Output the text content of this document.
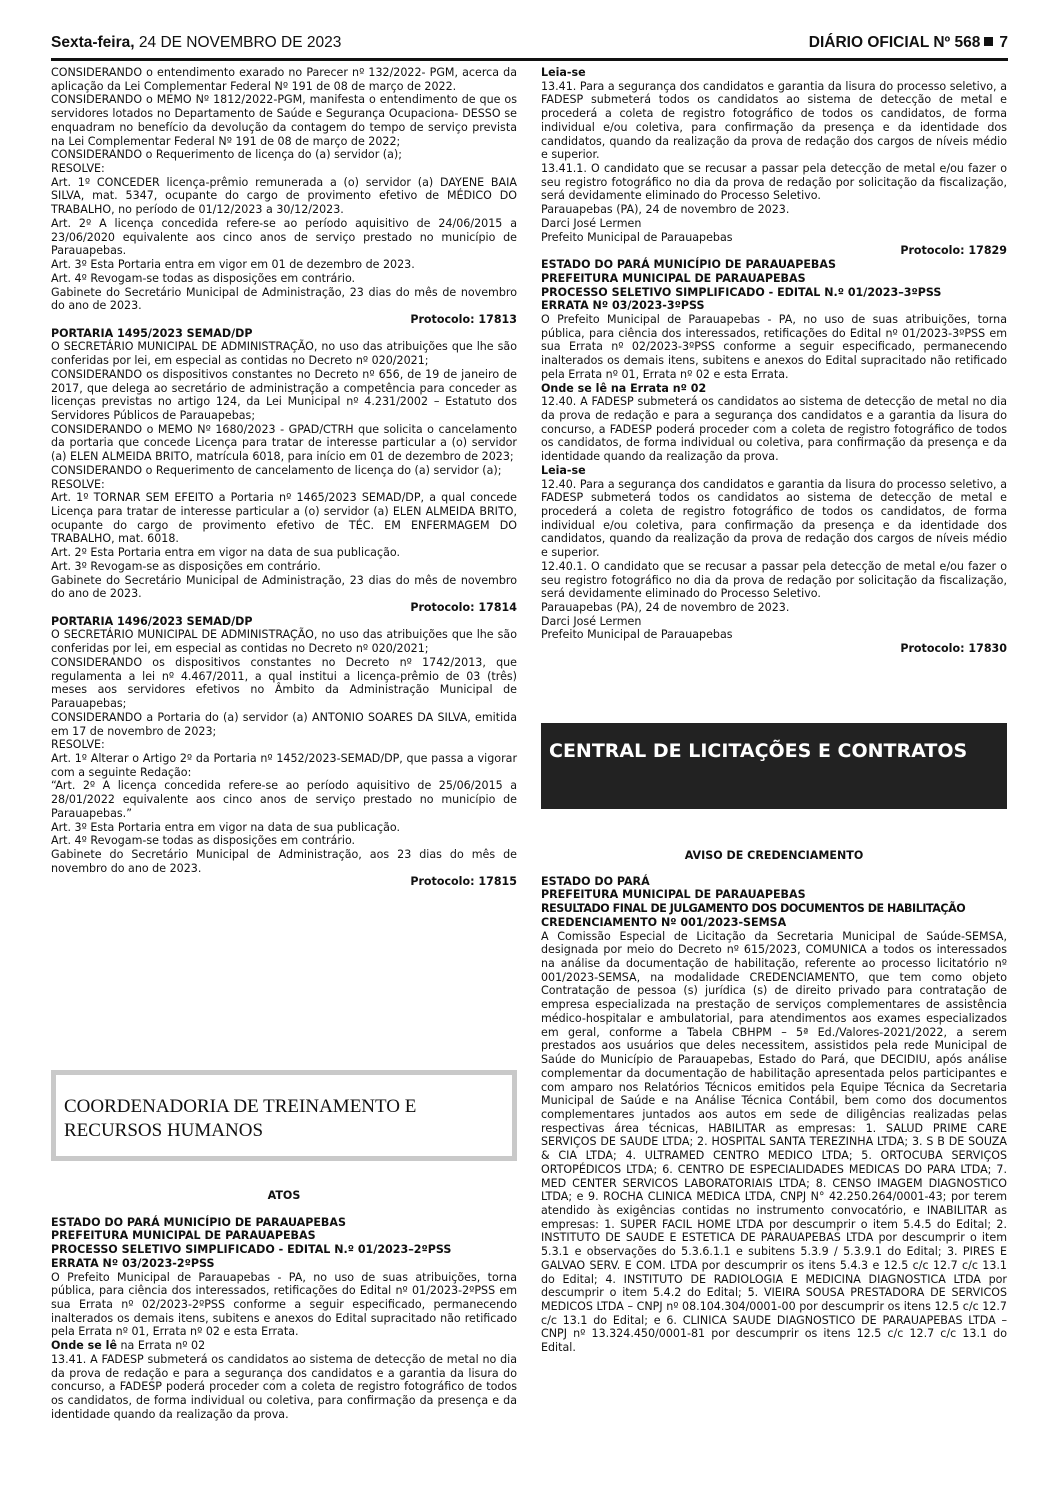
Sexta-feira, 24 DE NOVEMBRO DE 2023	DIÁRIO OFICIAL Nº 568 7

CONSIDERANDO o entendimento exarado no Parecer nº 132/2022- PGM, acerca da aplicação da Lei Complementar Federal Nº 191 de 08 de março de 2022.

CONSIDERANDO o MEMO Nº 1812/2022-PGM, manifesta o entendimento de que os servidores lotados no Departamento de Saúde e Segurança Ocupaciona- DESSO se enquadram no benefício da devolução da contagem do tempo de serviço prevista na Lei Complementar Federal Nº 191 de 08 de março de 2022;

CONSIDERANDO o Requerimento de licença do (a) servidor (a);

RESOLVE:

Art. 1º CONCEDER licença-prêmio remunerada a (o) servidor (a) DAYENE BAIA SILVA, mat. 5347, ocupante do cargo de provimento efetivo de MÉDICO DO TRABALHO, no período de 01/12/2023 a 30/12/2023.

Art. 2º A licença concedida refere-se ao período aquisitivo de 24/06/2015 a 23/06/2020 equivalente aos cinco anos de serviço prestado no município de Parauapebas.

Art. 3º Esta Portaria entra em vigor em 01 de dezembro de 2023.

Art. 4º Revogam-se todas as disposições em contrário.

Gabinete do Secretário Municipal de Administração, 23 dias do mês de novembro do ano de 2023.

Protocolo: 17813

PORTARIA 1495/2023 SEMAD/DP

O SECRETÁRIO MUNICIPAL DE ADMINISTRAÇÃO, no uso das atribuições que lhe são conferidas por lei, em especial as contidas no Decreto nº 020/2021;

CONSIDERANDO os dispositivos constantes no Decreto nº 656, de 19 de janeiro de 2017, que delega ao secretário de administração a competência para conceder as licenças previstas no artigo 124, da Lei Municipal nº 4.231/2002 – Estatuto dos Servidores Públicos de Parauapebas;

CONSIDERANDO o MEMO Nº 1680/2023 - GPAD/CTRH que solicita o cancelamento da portaria que concede Licença para tratar de interesse particular a (o) servidor (a) ELEN ALMEIDA BRITO, matrícula 6018, para início em 01 de dezembro de 2023;

CONSIDERANDO o Requerimento de cancelamento de licença do (a) servidor (a);

RESOLVE:

Art. 1º TORNAR SEM EFEITO a Portaria nº 1465/2023 SEMAD/DP, a qual concede Licença para tratar de interesse particular a (o) servidor (a) ELEN ALMEIDA BRITO, ocupante do cargo de provimento efetivo de TÉC. EM ENFERMAGEM DO TRABALHO, mat. 6018.

Art. 2º Esta Portaria entra em vigor na data de sua publicação.

Art. 3º Revogam-se as disposições em contrário.

Gabinete do Secretário Municipal de Administração, 23 dias do mês de novembro do ano de 2023.

Protocolo: 17814

PORTARIA 1496/2023 SEMAD/DP

O SECRETÁRIO MUNICIPAL DE ADMINISTRAÇÃO, no uso das atribuições que lhe são conferidas por lei, em especial as contidas no Decreto nº 020/2021;

CONSIDERANDO os dispositivos constantes no Decreto nº 1742/2013, que regulamenta a lei nº 4.467/2011, a qual institui a licença-prêmio de 03 (três) meses aos servidores efetivos no Âmbito da Administração Municipal de Parauapebas;

CONSIDERANDO a Portaria do (a) servidor (a) ANTONIO SOARES DA SILVA, emitida em 17 de novembro de 2023;

RESOLVE:

Art. 1º Alterar o Artigo 2º da Portaria nº 1452/2023-SEMAD/DP, que passa a vigorar com a seguinte Redação:

“Art. 2º A licença concedida refere-se ao período aquisitivo de 25/06/2015 a 28/01/2022 equivalente aos cinco anos de serviço prestado no município de Parauapebas.”

Art. 3º Esta Portaria entra em vigor na data de sua publicação.

Art. 4º Revogam-se todas as disposições em contrário.

Gabinete do Secretário Municipal de Administração, aos 23 dias do mês de novembro do ano de 2023.

Protocolo: 17815

COORDENADORIA DE TREINAMENTO E RECURSOS HUMANOS

ATOS

ESTADO DO PARÁ MUNICÍPIO DE PARAUAPEBAS

PREFEITURA MUNICIPAL DE PARAUAPEBAS

PROCESSO SELETIVO SIMPLIFICADO - EDITAL N.º 01/2023–2ºPSS

ERRATA Nº 03/2023-2ºPSS

O Prefeito Municipal de Parauapebas - PA, no uso de suas atribuições, torna pública, para ciência dos interessados, retificações do Edital nº 01/2023-2ºPSS em sua Errata nº 02/2023-2ºPSS conforme a seguir especificado, permanecendo inalterados os demais itens, subitens e anexos do Edital supracitado não retificado pela Errata nº 01, Errata nº 02 e esta Errata.

Onde se lê na Errata nº 02

13.41. A FADESP submeterá os candidatos ao sistema de detecção de metal no dia da prova de redação e para a segurança dos candidatos e a garantia da lisura do concurso, a FADESP poderá proceder com a coleta de registro fotográfico de todos os candidatos, de forma individual ou coletiva, para confirmação da presença e da identidade quando da realização da prova.

Leia-se

13.41. Para a segurança dos candidatos e garantia da lisura do processo seletivo, a FADESP submeterá todos os candidatos ao sistema de detecção de metal e procederá a coleta de registro fotográfico de todos os candidatos, de forma individual e/ou coletiva, para confirmação da presença e da identidade dos candidatos, quando da realização da prova de redação dos cargos de níveis médio e superior.

13.41.1. O candidato que se recusar a passar pela detecção de metal e/ou fazer o seu registro fotográfico no dia da prova de redação por solicitação da fiscalização, será devidamente eliminado do Processo Seletivo.

Parauapebas (PA), 24 de novembro de 2023.

Darci José Lermen

Prefeito Municipal de Parauapebas

Protocolo: 17829

ESTADO DO PARÁ MUNICÍPIO DE PARAUAPEBAS

PREFEITURA MUNICIPAL DE PARAUAPEBAS

PROCESSO SELETIVO SIMPLIFICADO - EDITAL N.º 01/2023–3ºPSS

ERRATA Nº 03/2023-3ºPSS

O Prefeito Municipal de Parauapebas - PA, no uso de suas atribuições, torna pública, para ciência dos interessados, retificações do Edital nº 01/2023-3ºPSS em sua Errata nº 02/2023-3ºPSS conforme a seguir especificado, permanecendo inalterados os demais itens, subitens e anexos do Edital supracitado não retificado pela Errata nº 01, Errata nº 02 e esta Errata.

Onde se lê na Errata nº 02

12.40. A FADESP submeterá os candidatos ao sistema de detecção de metal no dia da prova de redação e para a segurança dos candidatos e a garantia da lisura do concurso, a FADESP poderá proceder com a coleta de registro fotográfico de todos os candidatos, de forma individual ou coletiva, para confirmação da presença e da identidade quando da realização da prova.

Leia-se

12.40. Para a segurança dos candidatos e garantia da lisura do processo seletivo, a FADESP submeterá todos os candidatos ao sistema de detecção de metal e procederá a coleta de registro fotográfico de todos os candidatos, de forma individual e/ou coletiva, para confirmação da presença e da identidade dos candidatos, quando da realização da prova de redação dos cargos de níveis médio e superior.

12.40.1. O candidato que se recusar a passar pela detecção de metal e/ou fazer o seu registro fotográfico no dia da prova de redação por solicitação da fiscalização, será devidamente eliminado do Processo Seletivo.

Parauapebas (PA), 24 de novembro de 2023.

Darci José Lermen

Prefeito Municipal de Parauapebas

Protocolo: 17830

CENTRAL DE LICITAÇÕES E CONTRATOS

AVISO DE CREDENCIAMENTO

ESTADO DO PARÁ

PREFEITURA MUNICIPAL DE PARAUAPEBAS

RESULTADO FINAL DE JULGAMENTO DOS DOCUMENTOS DE HABILITAÇÃO

CREDENCIAMENTO Nº 001/2023-SEMSA

A Comissão Especial de Licitação da Secretaria Municipal de Saúde-SEMSA, designada por meio do Decreto nº 615/2023, COMUNICA a todos os interessados na análise da documentação de habilitação, referente ao processo licitatório nº 001/2023-SEMSA, na modalidade CREDENCIAMENTO, que tem como objeto Contratação de pessoa (s) jurídica (s) de direito privado para contratação de empresa especializada na prestação de serviços complementares de assistência médico-hospitalar e ambulatorial, para atendimentos aos exames especializados em geral, conforme a Tabela CBHPM – 5ª Ed./Valores-2021/2022, a serem prestados aos usuários que deles necessitem, assistidos pela rede Municipal de Saúde do Município de Parauapebas, Estado do Pará, que DECIDIU, após análise complementar da documentação de habilitação apresentada pelos participantes e com amparo nos Relatórios Técnicos emitidos pela Equipe Técnica da Secretaria Municipal de Saúde e na Análise Técnica Contábil, bem como dos documentos complementares juntados aos autos em sede de diligências realizadas pelas respectivas área técnicas, HABILITAR as empresas: 1. SALUD PRIME CARE SERVIÇOS DE SAUDE LTDA; 2. HOSPITAL SANTA TEREZINHA LTDA; 3. S B DE SOUZA & CIA LTDA; 4. ULTRAMED CENTRO MEDICO LTDA; 5. ORTOCUBA SERVIÇOS ORTOPÉDICOS LTDA; 6. CENTRO DE ESPECIALIDADES MEDICAS DO PARA LTDA; 7. MED CENTER SERVICOS LABORATORIAIS LTDA; 8. CENSO IMAGEM DIAGNOSTICO LTDA; e 9. ROCHA CLINICA MEDICA LTDA, CNPJ N° 42.250.264/0001-43; por terem atendido às exigências contidas no instrumento convocatório, e INABILITAR as empresas: 1. SUPER FACIL HOME LTDA por descumprir o item 5.4.5 do Edital; 2. INSTITUTO DE SAUDE E ESTETICA DE PARAUAPEBAS LTDA por descumprir o item 5.3.1 e observações do 5.3.6.1.1 e subitens 5.3.9 / 5.3.9.1 do Edital; 3. PIRES E GALVAO SERV. E COM. LTDA por descumprir os itens 5.4.3 e 12.5 c/c 12.7 c/c 13.1 do Edital; 4. INSTITUTO DE RADIOLOGIA E MEDICINA DIAGNOSTICA LTDA por descumprir o item 5.4.2 do Edital; 5. VIEIRA SOUSA PRESTADORA DE SERVICOS MEDICOS LTDA – CNPJ nº 08.104.304/0001-00 por descumprir os itens 12.5 c/c 12.7 c/c 13.1 do Edital; e 6. CLINICA SAUDE DIAGNOSTICO DE PARAUAPEBAS LTDA – CNPJ nº 13.324.450/0001-81 por descumprir os itens 12.5 c/c 12.7 c/c 13.1 do Edital.
